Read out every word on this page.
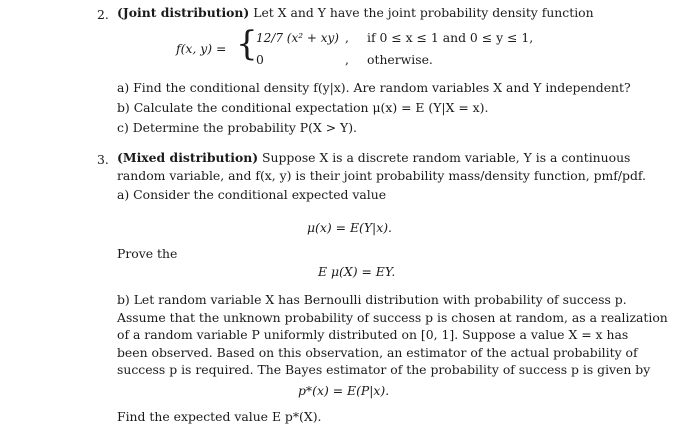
2. (Joint distribution) Let X and Y have the joint probability density function
f(x, y) = {
12/7 (x² + xy) , if 0 ≤ x ≤ 1 and 0 ≤ y ≤ 1,
0	, otherwise.
a) Find the conditional density f(y|x). Are random variables X and Y independent?
b) Calculate the conditional expectation μ(x) = E (Y|X = x).
c) Determine the probability P(X > Y).
3. (Mixed distribution) Suppose X is a discrete random variable, Y is a continuous
random variable, and f(x, y) is their joint probability mass/density function, pmf/pdf.
a) Consider the conditional expected value
μ(x) = E(Y|x).
Prove the
E μ(X) = EY.
b) Let random variable X has Bernoulli distribution with probability of success p.
Assume that the unknown probability of success p is chosen at random, as a realization
of a random variable P uniformly distributed on [0, 1]. Suppose a value X = x has
been observed. Based on this observation, an estimator of the actual probability of
success p is required. The Bayes estimator of the probability of success p is given by
p*(x) = E(P|x).
Find the expected value E p*(X).
